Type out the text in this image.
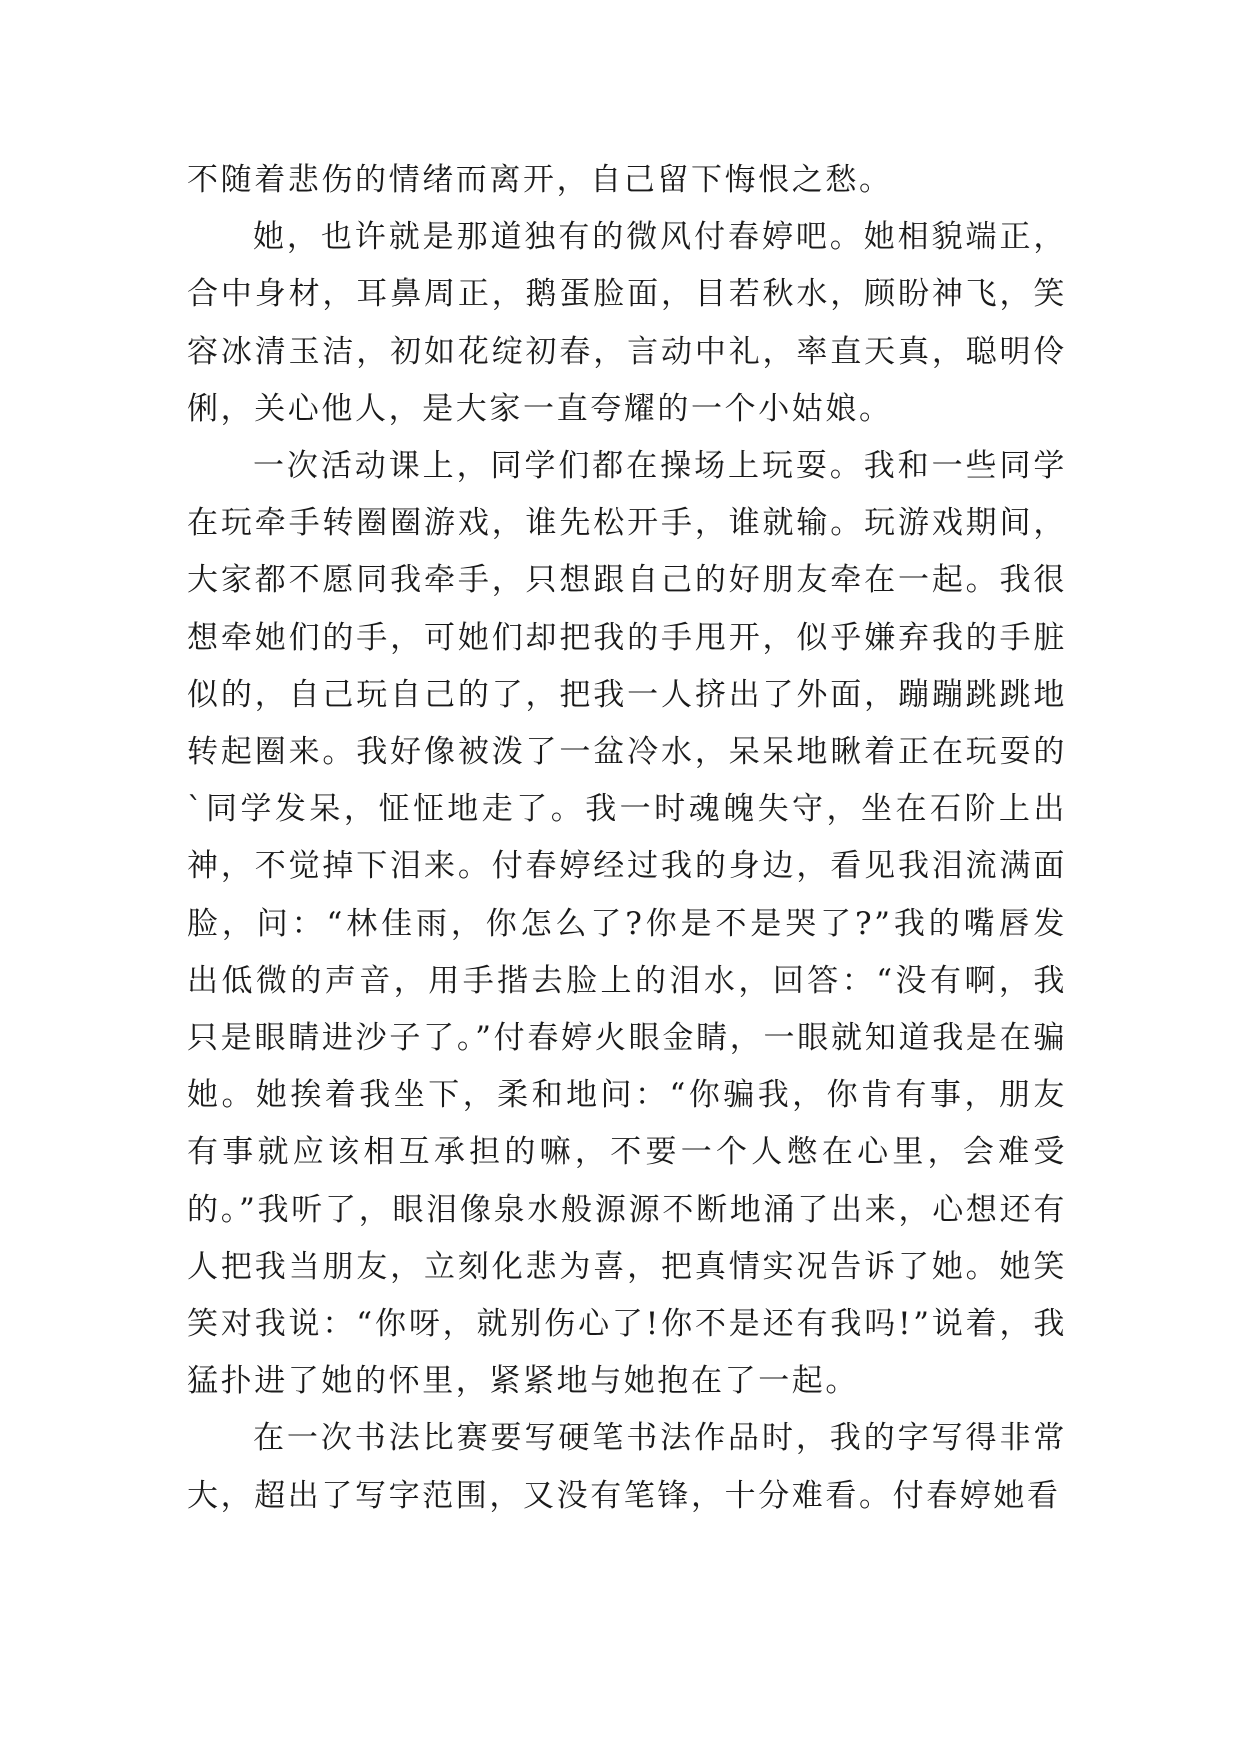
不随着悲伤的情绪而离开，自己留下悔恨之愁。

她，也许就是那道独有的微风付春婷吧。她相貌端正，合中身材，耳鼻周正，鹅蛋脸面，目若秋水，顾盼神飞，笑容冰清玉洁，初如花绽初春，言动中礼，率直天真，聪明伶俐，关心他人，是大家一直夸耀的一个小姑娘。

一次活动课上，同学们都在操场上玩耍。我和一些同学在玩牵手转圈圈游戏，谁先松开手，谁就输。玩游戏期间，大家都不愿同我牵手，只想跟自己的好朋友牵在一起。我很想牵她们的手，可她们却把我的手甩开，似乎嫌弃我的手脏似的，自己玩自己的了，把我一人挤出了外面，蹦蹦跳跳地转起圈来。我好像被泼了一盆冷水，呆呆地瞅着正在玩耍的`同学发呆，怔怔地走了。我一时魂魄失守，坐在石阶上出神，不觉掉下泪来。付春婷经过我的身边，看见我泪流满面脸，问：“林佳雨，你怎么了?你是不是哭了?”我的嘴唇发出低微的声音，用手揩去脸上的泪水，回答：“没有啊，我只是眼睛进沙子了。”付春婷火眼金睛，一眼就知道我是在骗她。她挨着我坐下，柔和地问：“你骗我，你肯有事，朋友有事就应该相互承担的嘛，不要一个人憋在心里，会难受的。”我听了，眼泪像泉水般源源不断地涌了出来，心想还有人把我当朋友，立刻化悲为喜，把真情实况告诉了她。她笑笑对我说：“你呀，就别伤心了!你不是还有我吗!”说着，我猛扑进了她的怀里，紧紧地与她抱在了一起。

在一次书法比赛要写硬笔书法作品时，我的字写得非常大，超出了写字范围，又没有笔锋，十分难看。付春婷她看
